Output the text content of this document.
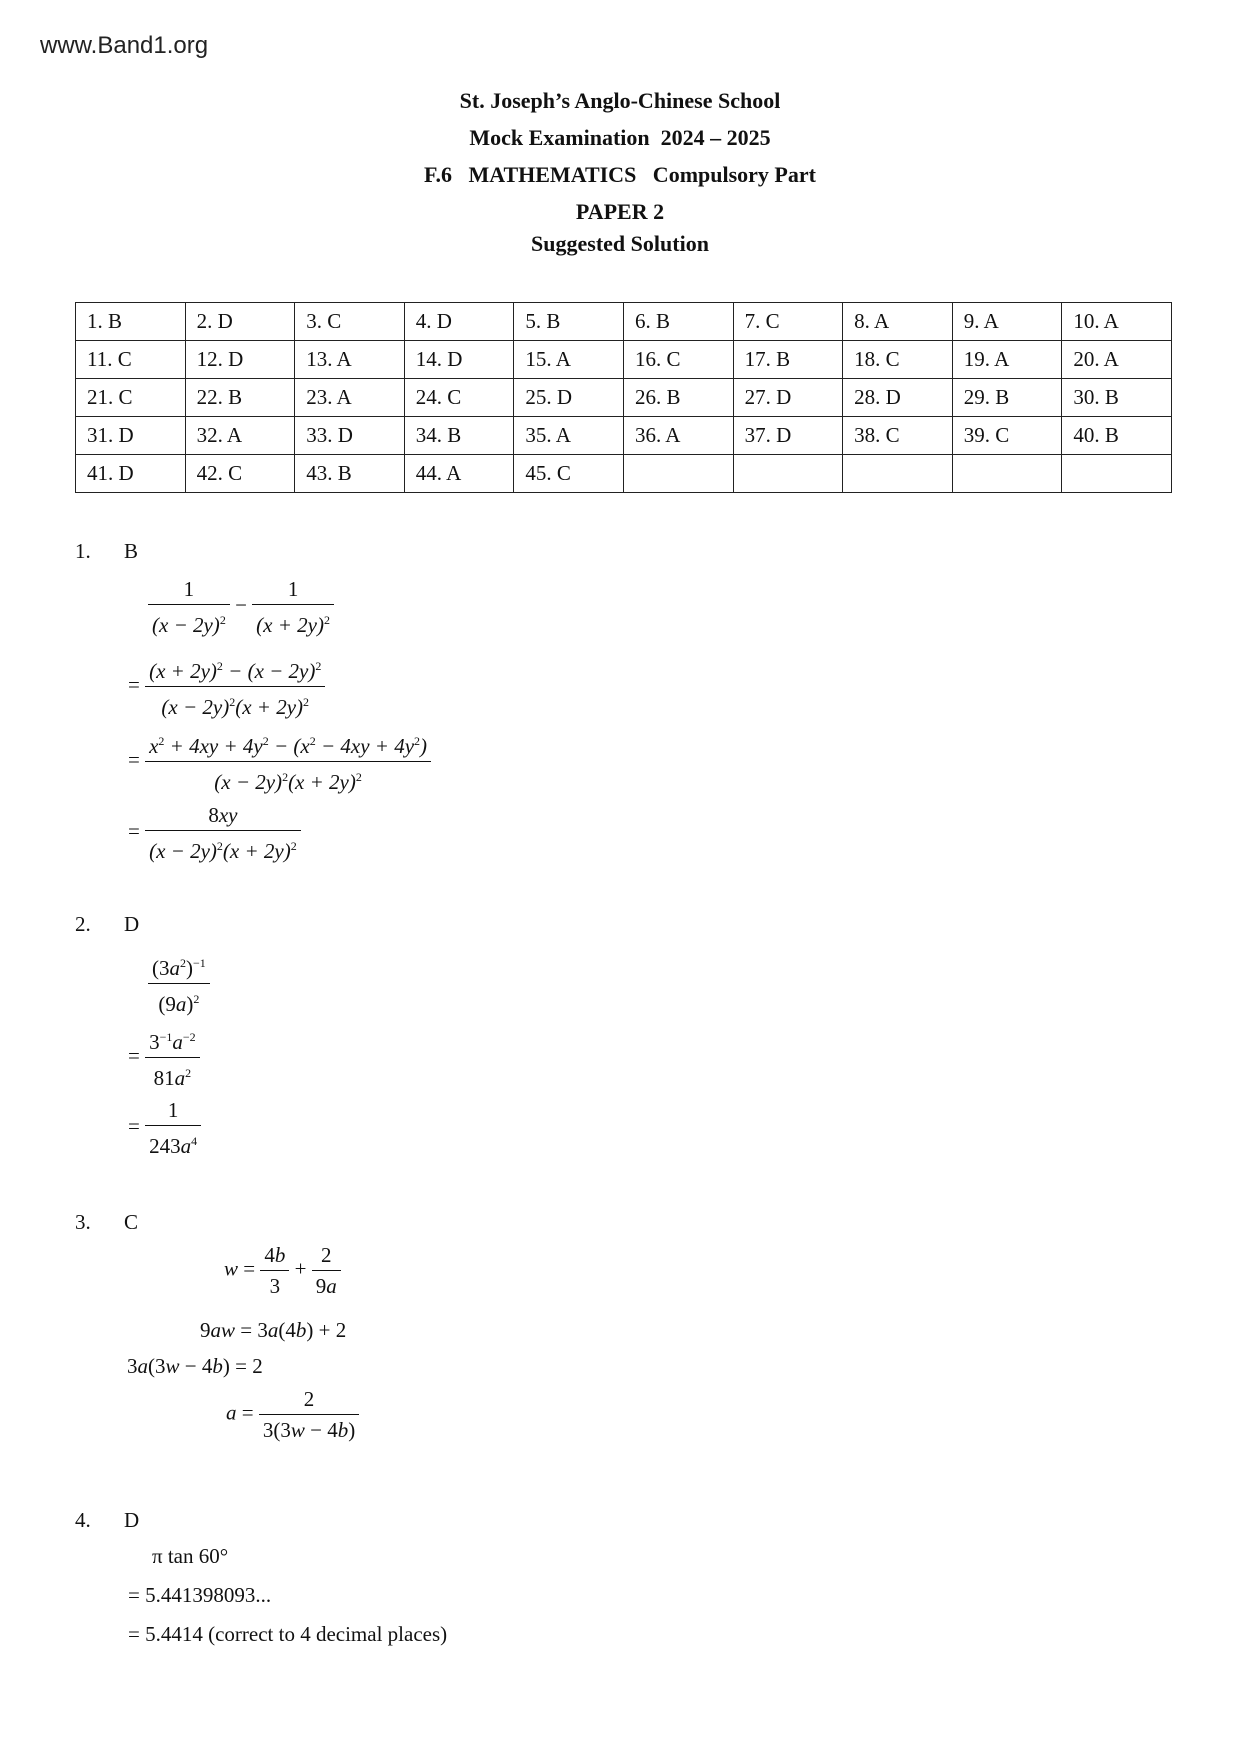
www.Band1.org
St. Joseph’s Anglo-Chinese School
Mock Examination  2024 – 2025
F.6   MATHEMATICS   Compulsory Part
PAPER 2
Suggested Solution
1. B	2. D	3. C	4. D	5. B	6. B	7. C	8. A	9. A	10. A
11. C	12. D	13. A	14. D	15. A	16. C	17. B	18. C	19. A	20. A
21. C	22. B	23. A	24. C	25. D	26. B	27. D	28. D	29. B	30. B
31. D	32. A	33. D	34. B	35. A	36. A	37. D	38. C	39. C	40. B
41. D	42. C	43. B	44. A	45. C					
1. B
$\frac{1}{(x - 2y)^2} - \frac{1}{(x + 2y)^2}$
= $\frac{(x + 2y)^2 - (x - 2y)^2}{(x - 2y)^2(x + 2y)^2}$
= $\frac{x^2 + 4xy + 4y^2 - (x^2 - 4xy + 4y^2)}{(x - 2y)^2(x + 2y)^2}$
= $\frac{8xy}{(x - 2y)^2(x + 2y)^2}$
2. D
$\frac{(3a^2)^{-1}}{(9a)^2}$
= $\frac{3^{-1}a^{-2}}{81a^2}$
= $\frac{1}{243a^4}$
3. C
$w = \frac{4b}{3} + \frac{2}{9a}$
9aw = 3a(4b) + 2
3a(3w − 4b) = 2
$a = \frac{2}{3(3w - 4b)}$
4. D
π tan 60°
= 5.441398093...
= 5.4414 (correct to 4 decimal places)
